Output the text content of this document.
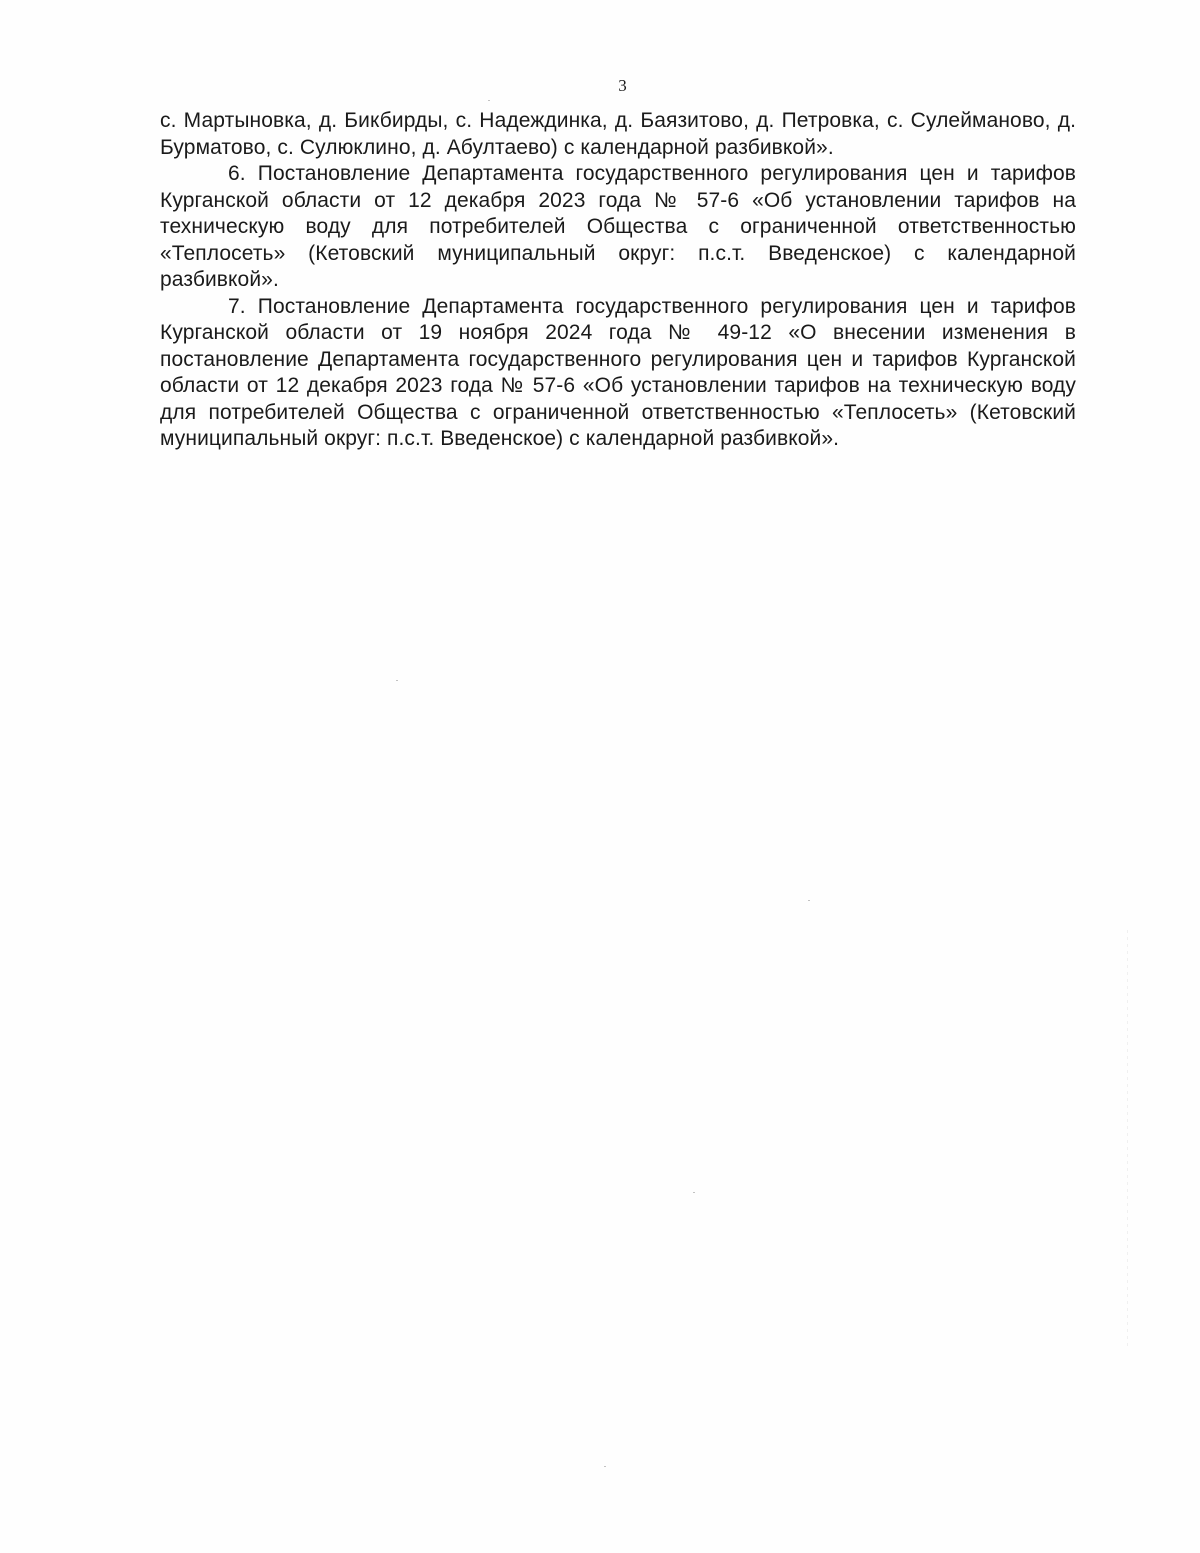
3

с. Мартыновка, д. Бикбирды, с. Надеждинка, д. Баязитово, д. Петровка, с. Сулейманово, д. Бурматово, с. Сулюклино, д. Абултаево) с календарной разбивкой».

6. Постановление Департамента государственного регулирования цен и тарифов Курганской области от 12 декабря 2023 года № 57-6 «Об установлении тарифов на техническую воду для потребителей Общества с ограниченной ответственностью «Теплосеть» (Кетовский муниципальный округ: п.с.т. Введенское) с календарной разбивкой».

7. Постановление Департамента государственного регулирования цен и тарифов Курганской области от 19 ноября 2024 года № 49-12 «О внесении изменения в постановление Департамента государственного регулирования цен и тарифов Курганской области от 12 декабря 2023 года № 57-6 «Об установлении тарифов на техническую воду для потребителей Общества с ограниченной ответственностью «Теплосеть» (Кетовский муниципальный округ: п.с.т. Введенское) с календарной разбивкой».
